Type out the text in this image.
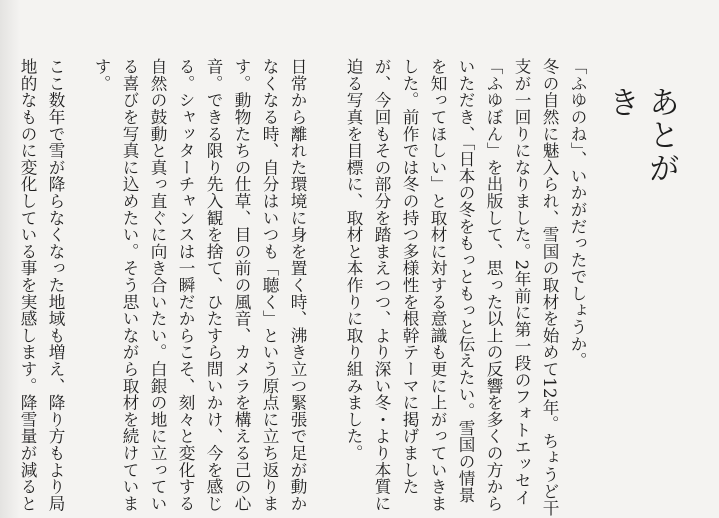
あとがき
「ふゆのね」、いかがだったでしょうか。
冬の自然に魅入られ、雪国の取材を始めて12年。ちょうど干
支が一回りになりました。2年前に第一段のフォトエッセイ
「ふゆぼん」を出版して、思った以上の反響を多くの方から
いただき、「日本の冬をもっともっと伝えたい。雪国の情景
を知ってほしい」と取材に対する意識も更に上がっていきま
した。前作では冬の持つ多様性を根幹テーマに掲げました
が、今回もその部分を踏まえつつ、より深い冬・より本質に
迫る写真を目標に、取材と本作りに取り組みました。
日常から離れた環境に身を置く時、沸き立つ緊張で足が動か
なくなる時、自分はいつも「聴く」という原点に立ち返りま
す。動物たちの仕草、目の前の風音、カメラを構える己の心
音。できる限り先入観を捨て、ひたすら問いかけ、今を感じ
る。シャッターチャンスは一瞬だからこそ、刻々と変化する
自然の鼓動と真っ直ぐに向き合いたい。白銀の地に立ってい
る喜びを写真に込めたい。そう思いながら取材を続けていま
す。
ここ数年で雪が降らなくなった地域も増え、降り方もより局
地的なものに変化している事を実感します。降雪量が減ると
